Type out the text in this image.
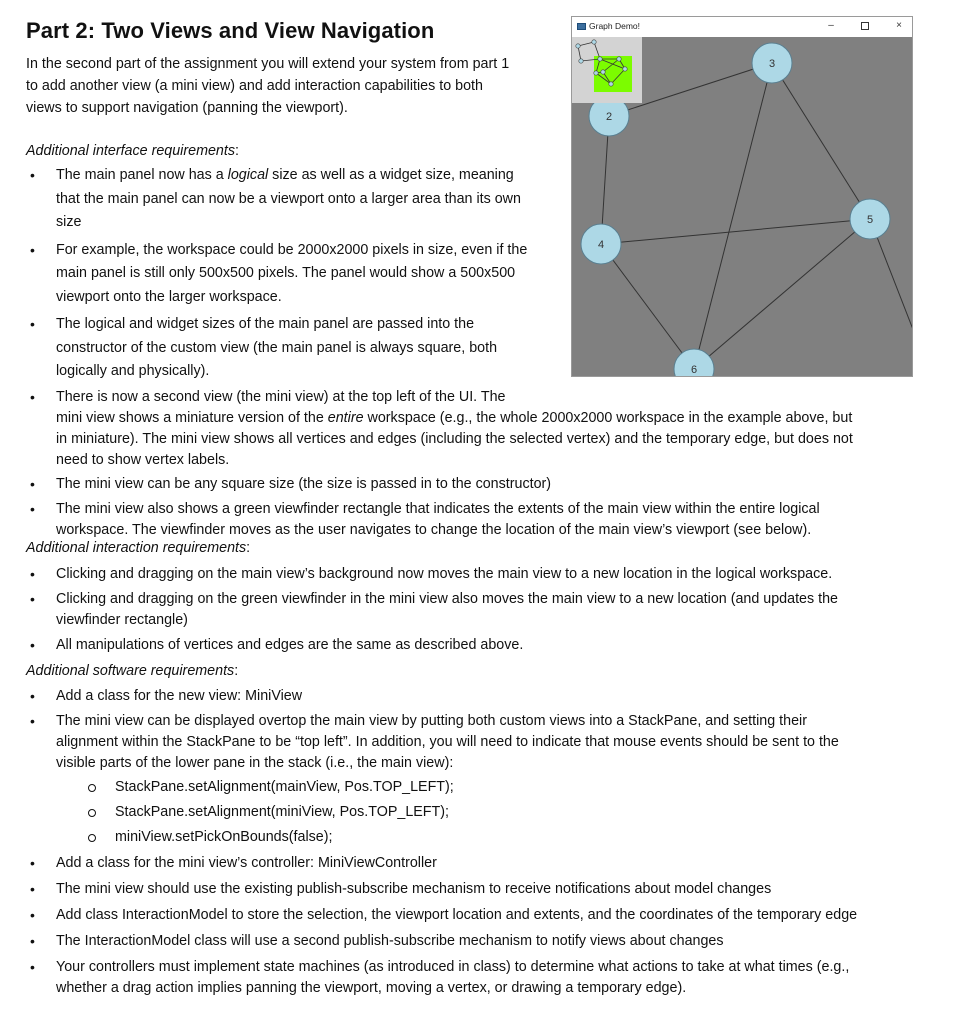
Part 2: Two Views and View Navigation

In the second part of the assignment you will extend your system from part 1
to add another view (a mini view) and add interaction capabilities to both
views to support navigation (panning the viewport).

Additional interface requirements:

• The main panel now has a logical size as well as a widget size, meaning
that the main panel can now be a viewport onto a larger area than its own
size
• For example, the workspace could be 2000x2000 pixels in size, even if the
main panel is still only 500x500 pixels. The panel would show a 500x500
viewport onto the larger workspace.
• The logical and widget sizes of the main panel are passed into the
constructor of the custom view (the main panel is always square, both
logically and physically).
• There is now a second view (the mini view) at the top left of the UI. The
mini view shows a miniature version of the entire workspace (e.g., the whole 2000x2000 workspace in the example above, but
in miniature). The mini view shows all vertices and edges (including the selected vertex) and the temporary edge, but does not
need to show vertex labels.
• The mini view can be any square size (the size is passed in to the constructor)
• The mini view also shows a green viewfinder rectangle that indicates the extents of the main view within the entire logical
workspace. The viewfinder moves as the user navigates to change the location of the main view’s viewport (see below).

Additional interaction requirements:

• Clicking and dragging on the main view’s background now moves the main view to a new location in the logical workspace.
• Clicking and dragging on the green viewfinder in the mini view also moves the main view to a new location (and updates the
viewfinder rectangle)
• All manipulations of vertices and edges are the same as described above.

Additional software requirements:

• Add a class for the new view: MiniView
• The mini view can be displayed overtop the main view by putting both custom views into a StackPane, and setting their
alignment within the StackPane to be “top left”. In addition, you will need to indicate that mouse events should be sent to the
visible parts of the lower pane in the stack (i.e., the main view):
StackPane.setAlignment(mainView, Pos.TOP_LEFT);
StackPane.setAlignment(miniView, Pos.TOP_LEFT);
miniView.setPickOnBounds(false);
• Add a class for the mini view’s controller: MiniViewController
• The mini view should use the existing publish-subscribe mechanism to receive notifications about model changes
• Add class InteractionModel to store the selection, the viewport location and extents, and the coordinates of the temporary edge
• The InteractionModel class will use a second publish-subscribe mechanism to notify views about changes
• Your controllers must implement state machines (as introduced in class) to determine what actions to take at what times (e.g.,
whether a drag action implies panning the viewport, moving a vertex, or drawing a temporary edge).
Graph Demo!	–	×
2
3
4
5
6
